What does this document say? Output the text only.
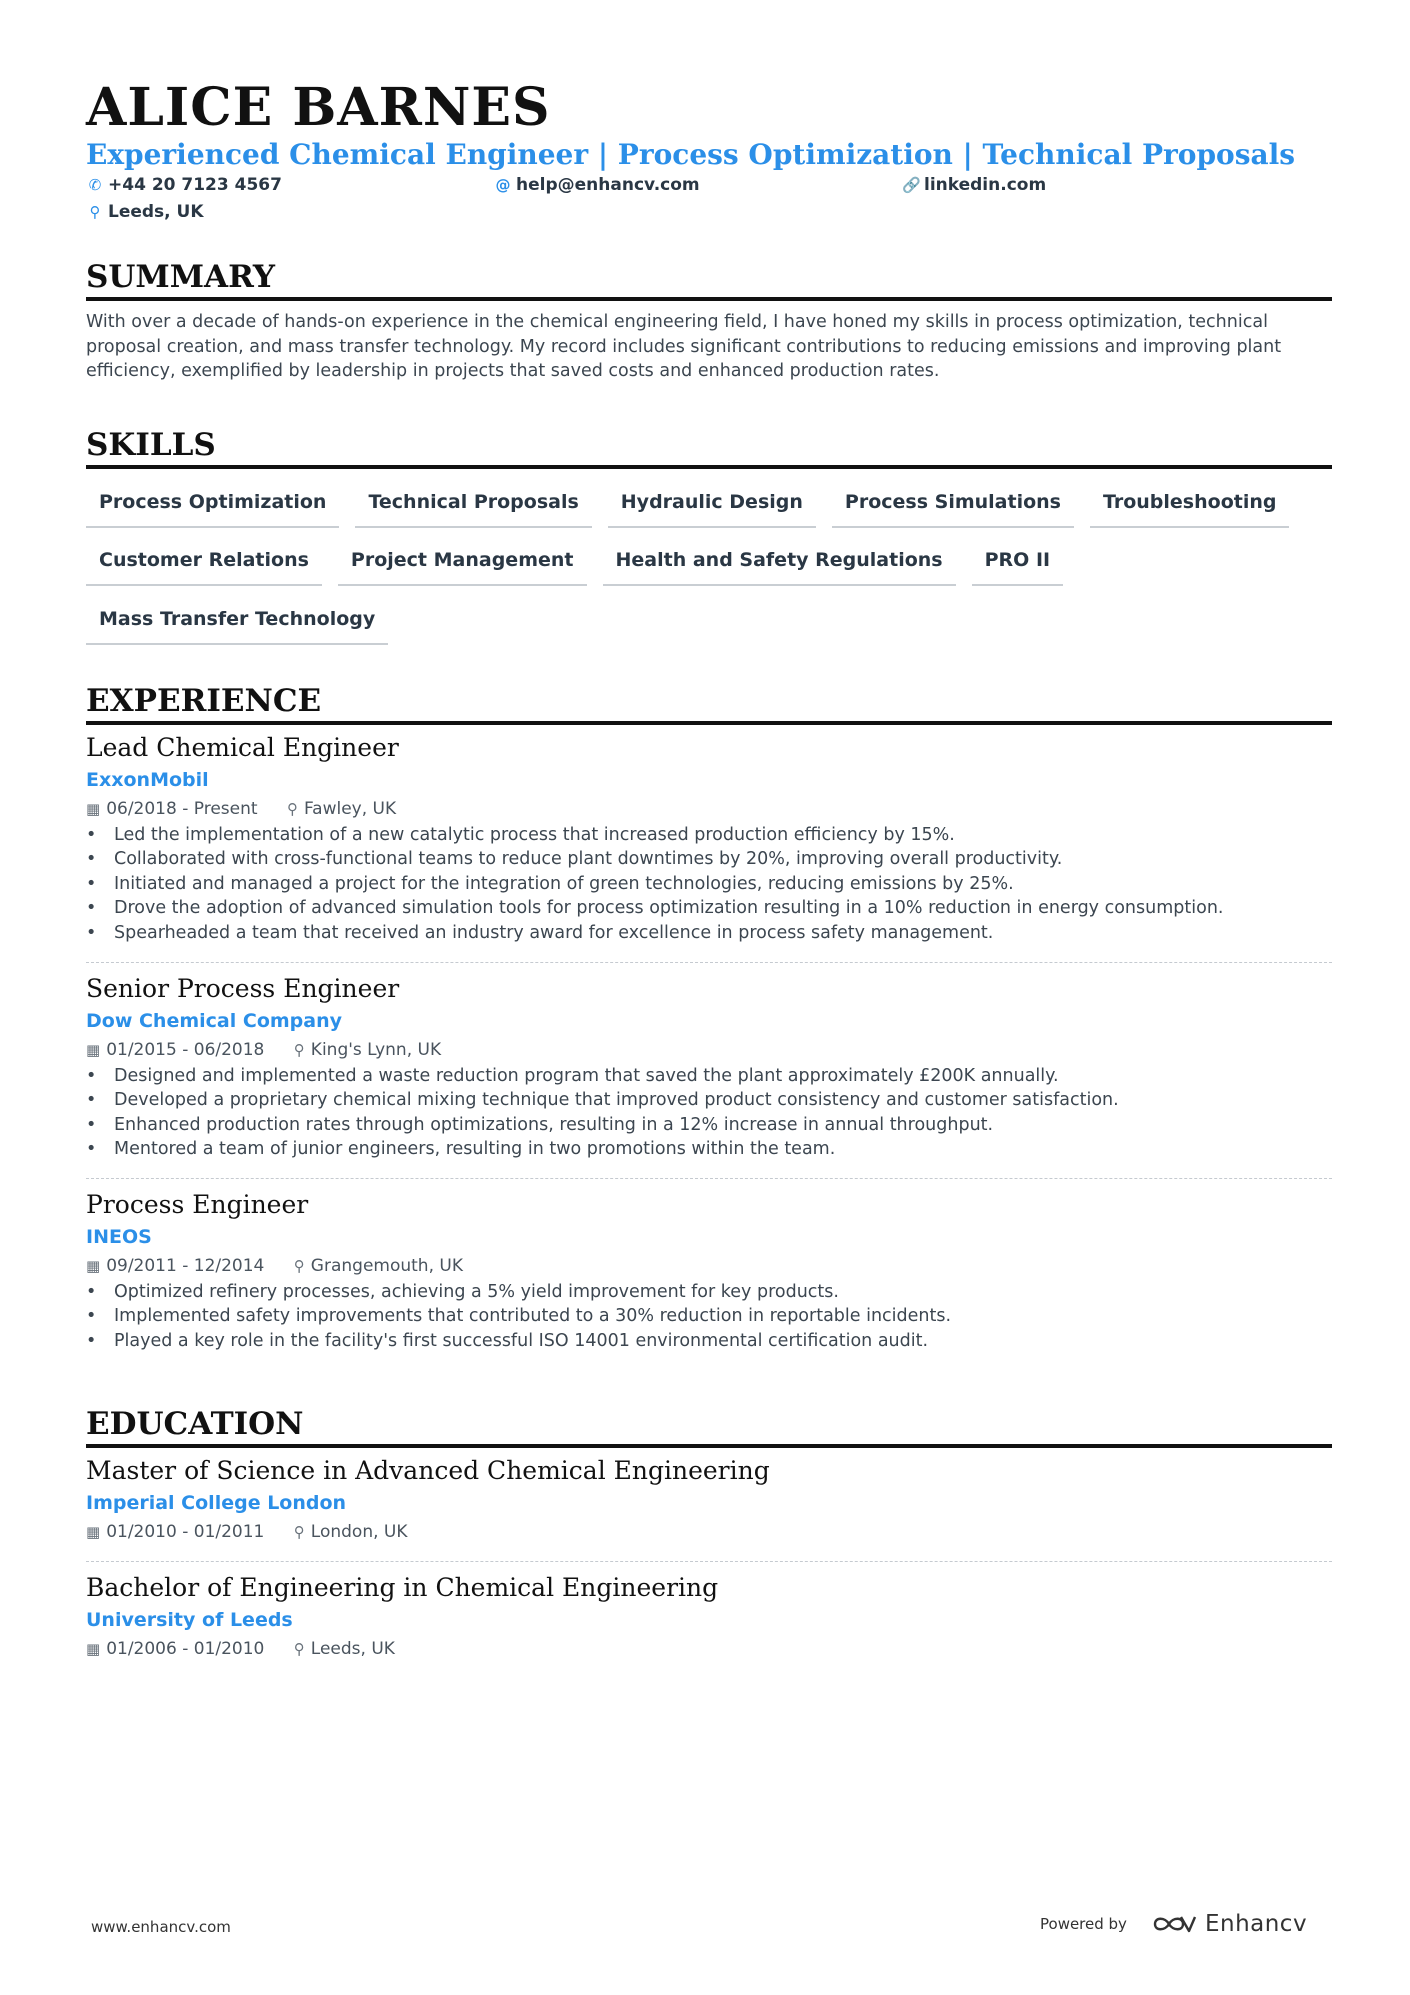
ALICE BARNES
Experienced Chemical Engineer | Process Optimization | Technical Proposals
✆ +44 20 7123 4567	@ help@enhancv.com	🔗 linkedin.com
⚲ Leeds, UK
SUMMARY

With over a decade of hands-on experience in the chemical engineering field, I have honed my skills in process optimization, technical proposal creation, and mass transfer technology. My record includes significant contributions to reducing emissions and improving plant efficiency, exemplified by leadership in projects that saved costs and enhanced production rates.

SKILLS
Process Optimization	Technical Proposals	Hydraulic Design	Process Simulations	Troubleshooting
Customer Relations	Project Management	Health and Safety Regulations	PRO II
Mass Transfer Technology
EXPERIENCE
Lead Chemical Engineer
ExxonMobil
▦ 06/2018 - Present ⚲ Fawley, UK
• Led the implementation of a new catalytic process that increased production efficiency by 15%.
• Collaborated with cross-functional teams to reduce plant downtimes by 20%, improving overall productivity.
• Initiated and managed a project for the integration of green technologies, reducing emissions by 25%.
• Drove the adoption of advanced simulation tools for process optimization resulting in a 10% reduction in energy consumption.
• Spearheaded a team that received an industry award for excellence in process safety management.
Senior Process Engineer
Dow Chemical Company
▦ 01/2015 - 06/2018 ⚲ King's Lynn, UK
• Designed and implemented a waste reduction program that saved the plant approximately £200K annually.
• Developed a proprietary chemical mixing technique that improved product consistency and customer satisfaction.
• Enhanced production rates through optimizations, resulting in a 12% increase in annual throughput.
• Mentored a team of junior engineers, resulting in two promotions within the team.
Process Engineer
INEOS
▦ 09/2011 - 12/2014 ⚲ Grangemouth, UK
• Optimized refinery processes, achieving a 5% yield improvement for key products.
• Implemented safety improvements that contributed to a 30% reduction in reportable incidents.
• Played a key role in the facility's first successful ISO 14001 environmental certification audit.
EDUCATION
Master of Science in Advanced Chemical Engineering
Imperial College London
▦ 01/2010 - 01/2011 ⚲ London, UK
Bachelor of Engineering in Chemical Engineering
University of Leeds
▦ 01/2006 - 01/2010 ⚲ Leeds, UK
www.enhancv.com	Powered by	Enhancv
